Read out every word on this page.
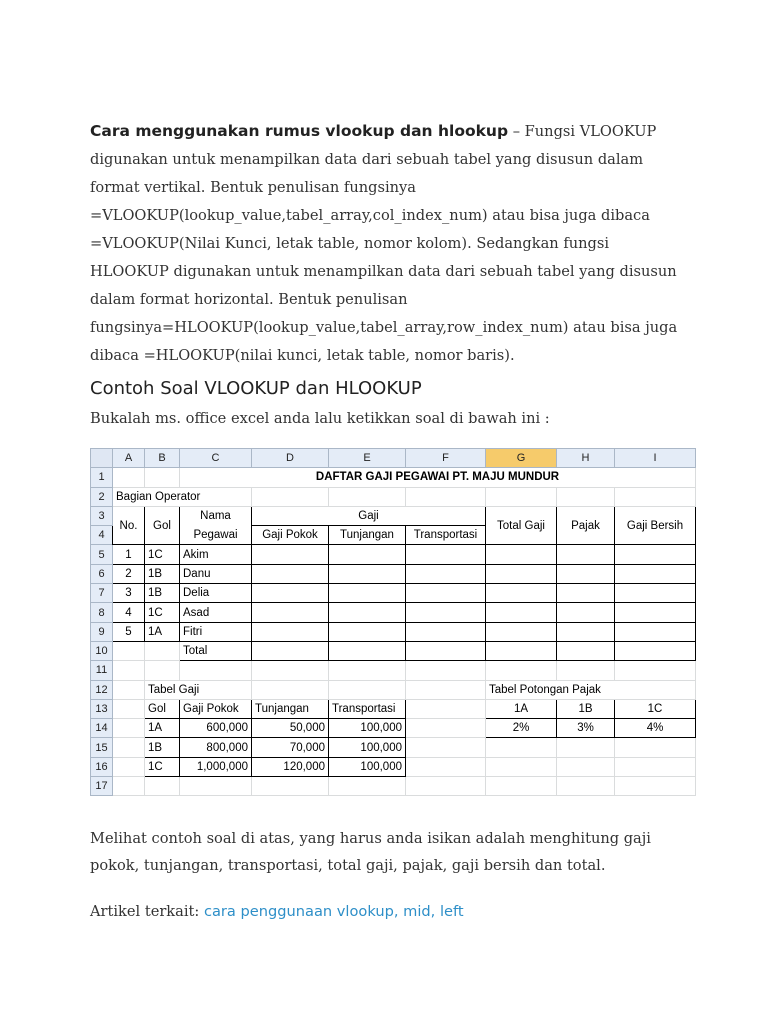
Cara menggunakan rumus vlookup dan hlookup – Fungsi VLOOKUP digunakan untuk menampilkan data dari sebuah tabel yang disusun dalam format vertikal. Bentuk penulisan fungsinya =VLOOKUP(lookup_value,tabel_array,col_index_num) atau bisa juga dibaca =VLOOKUP(Nilai Kunci, letak table, nomor kolom). Sedangkan fungsi HLOOKUP digunakan untuk menampilkan data dari sebuah tabel yang disusun dalam format horizontal. Bentuk penulisan fungsinya=HLOOKUP(lookup_value,tabel_array,row_index_num) atau bisa juga dibaca =HLOOKUP(nilai kunci, letak table, nomor baris).

Contoh Soal VLOOKUP dan HLOOKUP

Bukalah ms. office excel anda lalu ketikkan soal di bawah ini :

	A	B	C	D	E	F	G	H	I
1			DAFTAR GAJI PEGAWAI PT. MAJU MUNDUR						
2	Bagian Operator								
3	No.	Gol	Nama	Gaji			Total Gaji	Pajak	Gaji Bersih
4			Pegawai	Gaji Pokok	Tunjangan	Transportasi			
5	1	1C	Akim						
6	2	1B	Danu						
7	3	1B	Delia						
8	4	1C	Asad						
9	5	1A	Fitri						
10			Total						
11									
12		Tabel Gaji					Tabel Potongan Pajak		
13		Gol	Gaji Pokok	Tunjangan	Transportasi		1A	1B	1C
14		1A	600,000	50,000	100,000		2%	3%	4%
15		1B	800,000	70,000	100,000				
16		1C	1,000,000	120,000	100,000				
17									

Melihat contoh soal di atas, yang harus anda isikan adalah menghitung gaji pokok, tunjangan, transportasi, total gaji, pajak, gaji bersih dan total.

Artikel terkait: cara penggunaan vlookup, mid, left
